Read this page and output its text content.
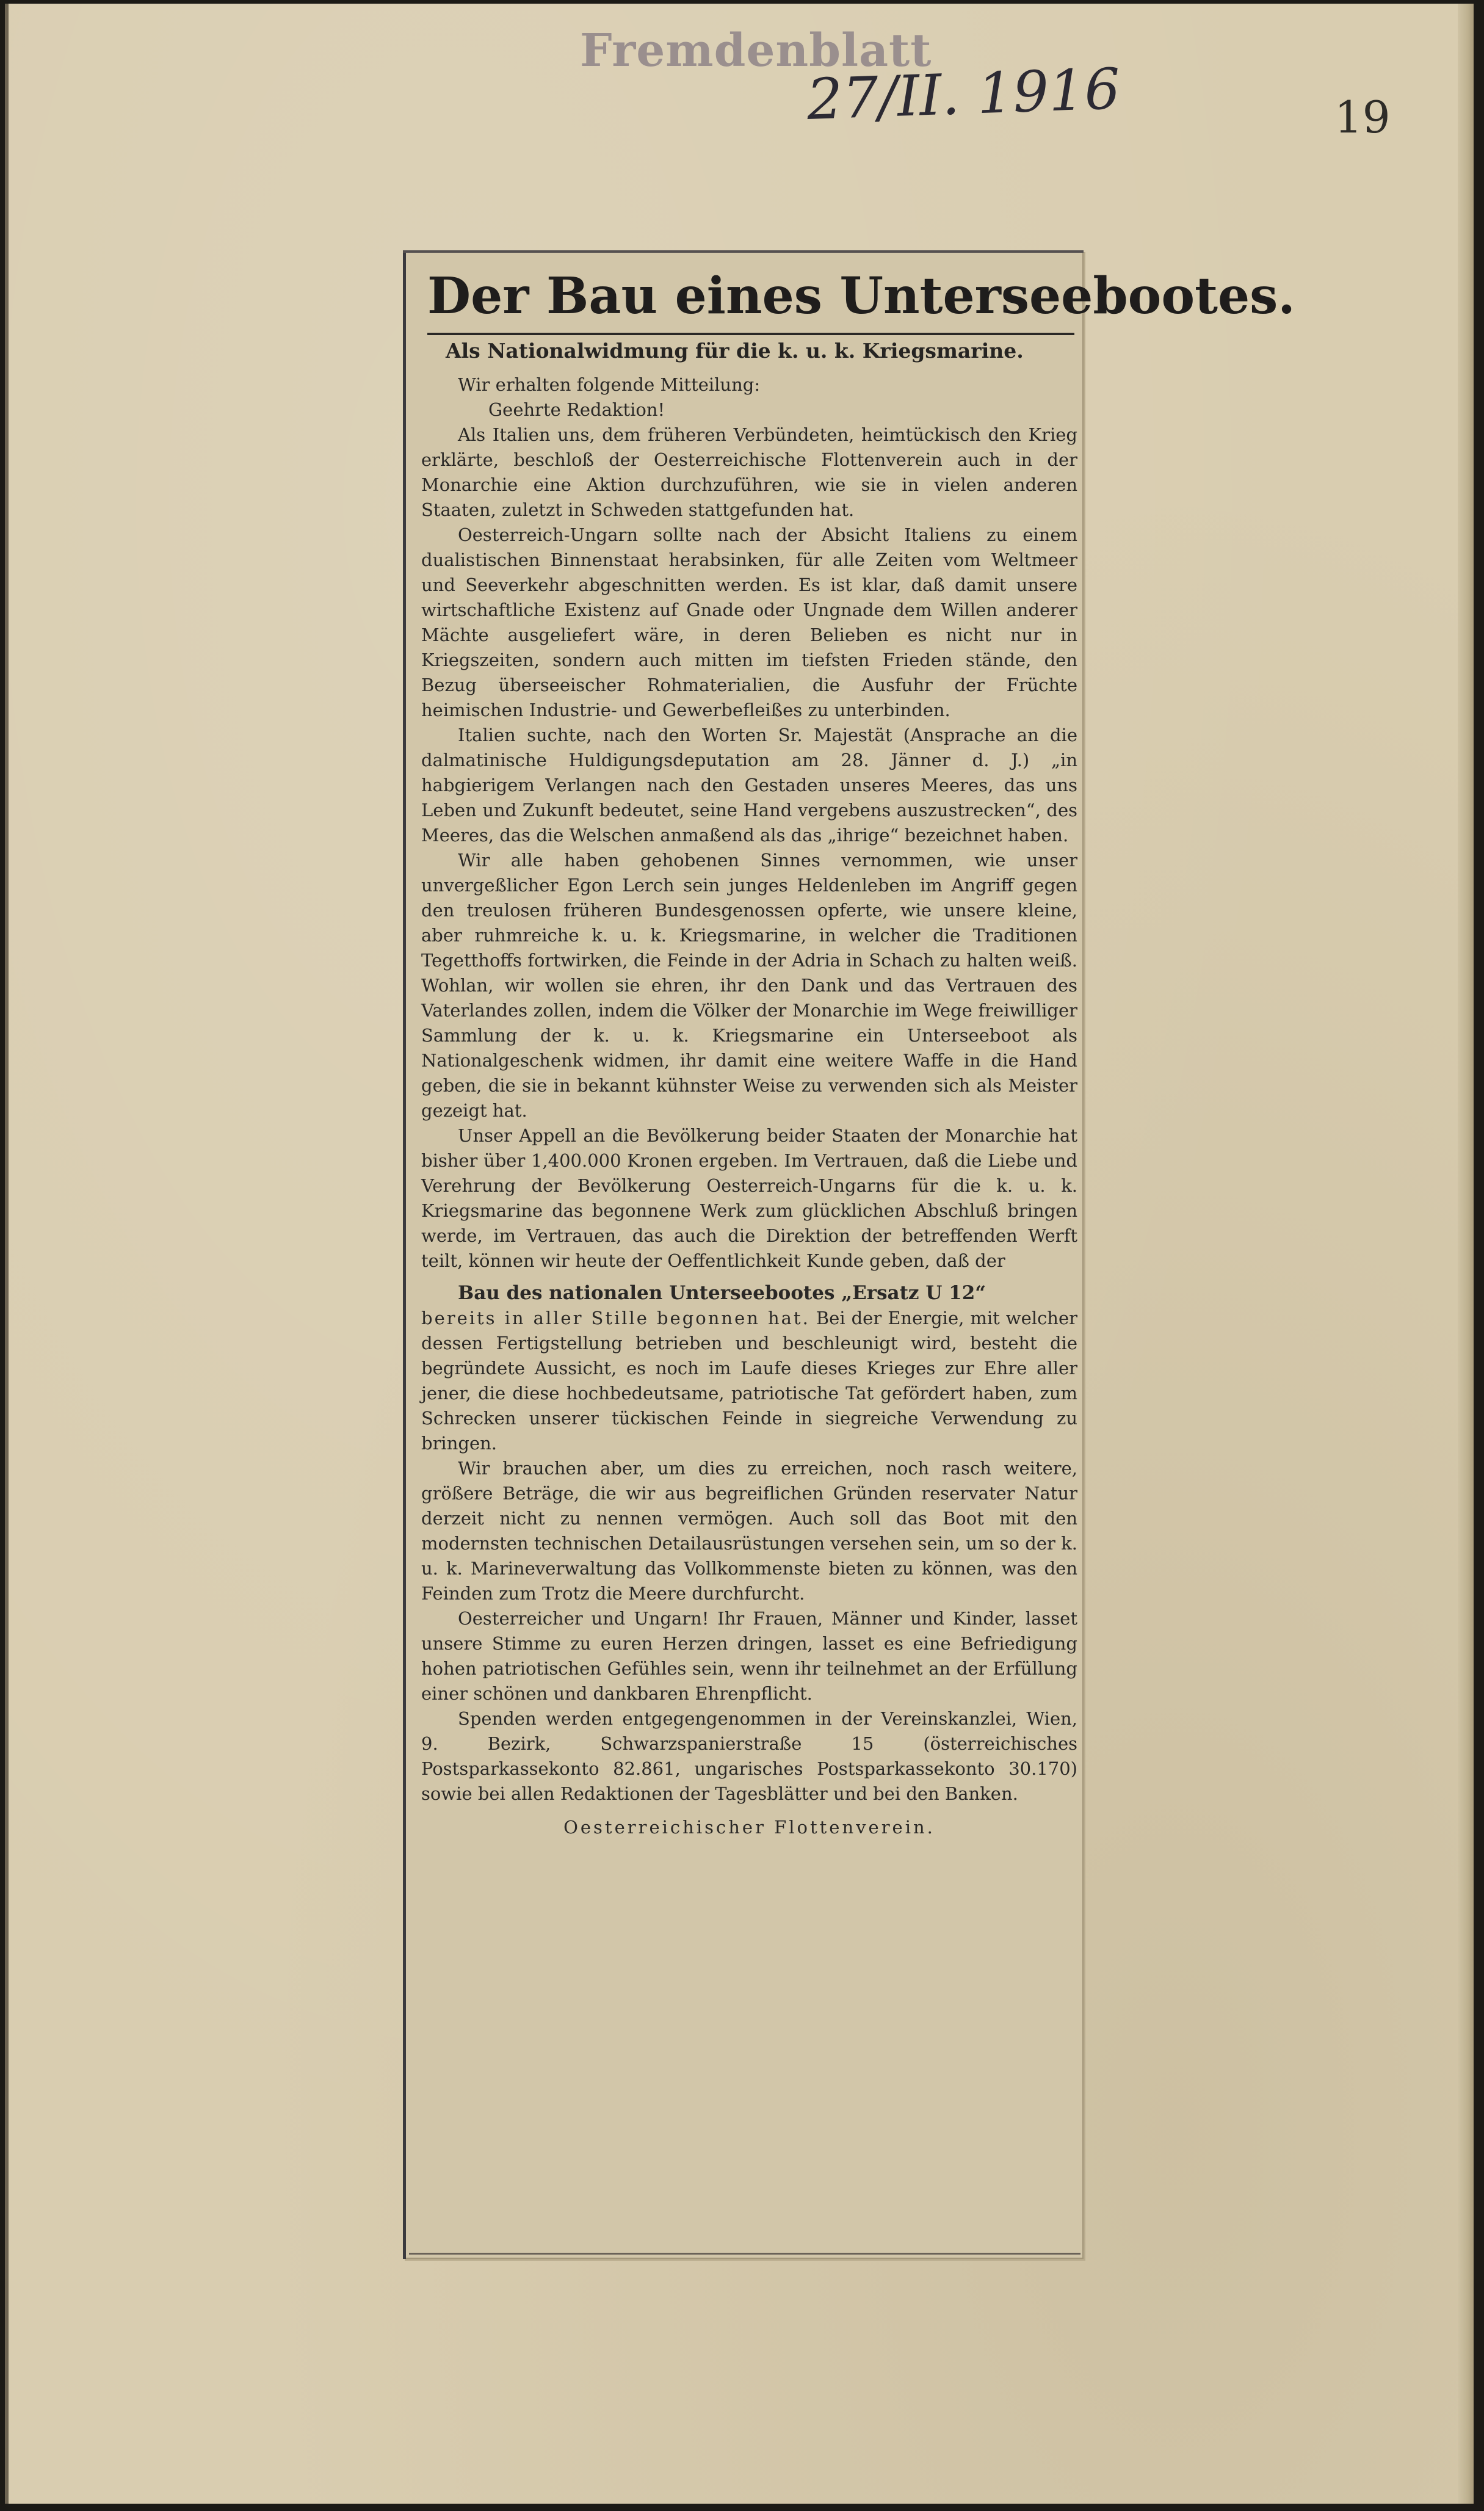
Fremdenblatt
27/II. 1916	19
Der Bau eines Unterseebootes.
Als Nationalwidmung für die k. u. k. Kriegsmarine.

Wir erhalten folgende Mitteilung:

Geehrte Redaktion!

Als Italien uns, dem früheren Verbündeten, heimtückisch den Krieg erklärte, beschloß der Oesterreichische Flottenverein auch in der Monarchie eine Aktion durchzuführen, wie sie in vielen anderen Staaten, zuletzt in Schweden stattgefunden hat.

Oesterreich-Ungarn sollte nach der Absicht Italiens zu einem dualistischen Binnenstaat herabsinken, für alle Zeiten vom Weltmeer und Seeverkehr abgeschnitten werden. Es ist klar, daß damit unsere wirtschaftliche Existenz auf Gnade oder Ungnade dem Willen anderer Mächte ausgeliefert wäre, in deren Belieben es nicht nur in Kriegszeiten, sondern auch mitten im tiefsten Frieden stände, den Bezug überseeischer Rohmaterialien, die Ausfuhr der Früchte heimischen Industrie- und Gewerbefleißes zu unterbinden.

Italien suchte, nach den Worten Sr. Majestät (Ansprache an die dalmatinische Huldigungsdeputation am 28. Jänner d. J.) „in habgierigem Verlangen nach den Gestaden unseres Meeres, das uns Leben und Zukunft bedeutet, seine Hand vergebens auszustrecken“, des Meeres, das die Welschen anmaßend als das „ihrige“ bezeichnet haben.

Wir alle haben gehobenen Sinnes vernommen, wie unser unvergeßlicher Egon Lerch sein junges Heldenleben im Angriff gegen den treulosen früheren Bundesgenossen opferte, wie unsere kleine, aber ruhmreiche k. u. k. Kriegsmarine, in welcher die Traditionen Tegetthoffs fortwirken, die Feinde in der Adria in Schach zu halten weiß. Wohlan, wir wollen sie ehren, ihr den Dank und das Vertrauen des Vaterlandes zollen, indem die Völker der Monarchie im Wege freiwilliger Sammlung der k. u. k. Kriegsmarine ein Unterseeboot als Nationalgeschenk widmen, ihr damit eine weitere Waffe in die Hand geben, die sie in bekannt kühnster Weise zu verwenden sich als Meister gezeigt hat.

Unser Appell an die Bevölkerung beider Staaten der Monarchie hat bisher über 1,400.000 Kronen ergeben. Im Vertrauen, daß die Liebe und Verehrung der Bevölkerung Oesterreich-Ungarns für die k. u. k. Kriegsmarine das begonnene Werk zum glücklichen Abschluß bringen werde, im Vertrauen, das auch die Direktion der betreffenden Werft teilt, können wir heute der Oeffentlichkeit Kunde geben, daß der

Bau des nationalen Unterseebootes „Ersatz U 12“

bereits in aller Stille begonnen hat. Bei der Energie, mit welcher dessen Fertigstellung betrieben und beschleunigt wird, besteht die begründete Aussicht, es noch im Laufe dieses Krieges zur Ehre aller jener, die diese hochbedeutsame, patriotische Tat gefördert haben, zum Schrecken unserer tückischen Feinde in siegreiche Verwendung zu bringen.

Wir brauchen aber, um dies zu erreichen, noch rasch weitere, größere Beträge, die wir aus begreiflichen Gründen reservater Natur derzeit nicht zu nennen vermögen. Auch soll das Boot mit den modernsten technischen Detailausrüstungen versehen sein, um so der k. u. k. Marineverwaltung das Vollkommenste bieten zu können, was den Feinden zum Trotz die Meere durchfurcht.

Oesterreicher und Ungarn! Ihr Frauen, Männer und Kinder, lasset unsere Stimme zu euren Herzen dringen, lasset es eine Befriedigung hohen patriotischen Gefühles sein, wenn ihr teilnehmet an der Erfüllung einer schönen und dankbaren Ehrenpflicht.

Spenden werden entgegengenommen in der Vereinskanzlei, Wien, 9. Bezirk, Schwarzspanierstraße 15 (österreichisches Postsparkassekonto 82.861, ungarisches Postsparkassekonto 30.170) sowie bei allen Redaktionen der Tagesblätter und bei den Banken.

Oesterreichischer Flottenverein.
